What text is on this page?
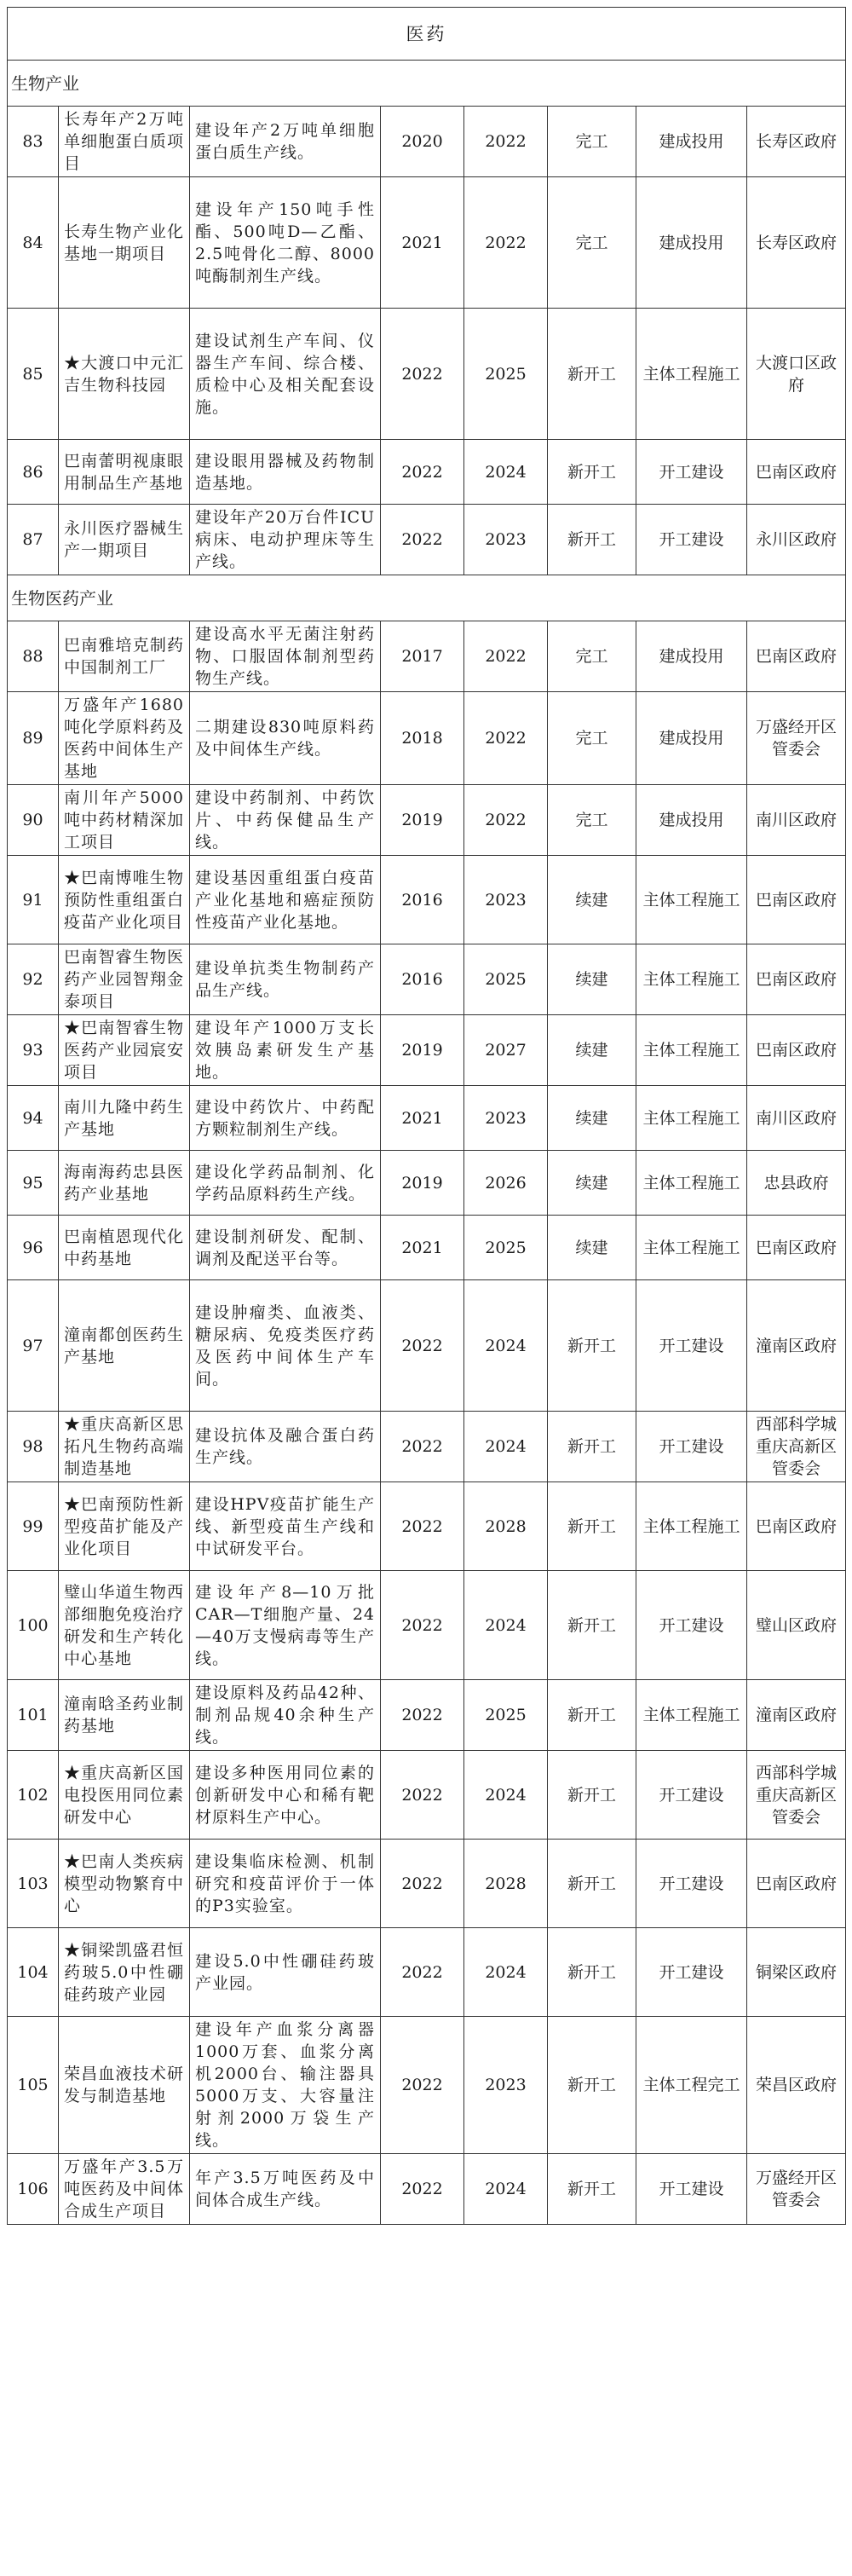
医药							
生物产业							
83	长寿年产2万吨单细胞蛋白质项目	建设年产2万吨单细胞蛋白质生产线。	2020	2022	完工	建成投用	长寿区政府
84	长寿生物产业化基地一期项目	建设年产150吨手性酯、500吨D—乙酯、2.5吨骨化二醇、8000吨酶制剂生产线。	2021	2022	完工	建成投用	长寿区政府
85	★大渡口中元汇吉生物科技园	建设试剂生产车间、仪器生产车间、综合楼、质检中心及相关配套设施。	2022	2025	新开工	主体工程施工	大渡口区政府
86	巴南蕾明视康眼用制品生产基地	建设眼用器械及药物制造基地。	2022	2024	新开工	开工建设	巴南区政府
87	永川医疗器械生产一期项目	建设年产20万台件ICU病床、电动护理床等生产线。	2022	2023	新开工	开工建设	永川区政府
生物医药产业							
88	巴南雅培克制药中国制剂工厂	建设高水平无菌注射药物、口服固体制剂型药物生产线。	2017	2022	完工	建成投用	巴南区政府
89	万盛年产1680吨化学原料药及医药中间体生产基地	二期建设830吨原料药及中间体生产线。	2018	2022	完工	建成投用	万盛经开区管委会
90	南川年产5000吨中药材精深加工项目	建设中药制剂、中药饮片、中药保健品生产线。	2019	2022	完工	建成投用	南川区政府
91	★巴南博唯生物预防性重组蛋白疫苗产业化项目	建设基因重组蛋白疫苗产业化基地和癌症预防性疫苗产业化基地。	2016	2023	续建	主体工程施工	巴南区政府
92	巴南智睿生物医药产业园智翔金泰项目	建设单抗类生物制药产品生产线。	2016	2025	续建	主体工程施工	巴南区政府
93	★巴南智睿生物医药产业园宸安项目	建设年产1000万支长效胰岛素研发生产基地。	2019	2027	续建	主体工程施工	巴南区政府
94	南川九隆中药生产基地	建设中药饮片、中药配方颗粒制剂生产线。	2021	2023	续建	主体工程施工	南川区政府
95	海南海药忠县医药产业基地	建设化学药品制剂、化学药品原料药生产线。	2019	2026	续建	主体工程施工	忠县政府
96	巴南植恩现代化中药基地	建设制剂研发、配制、调剂及配送平台等。	2021	2025	续建	主体工程施工	巴南区政府
97	潼南都创医药生产基地	建设肿瘤类、血液类、糖尿病、免疫类医疗药及医药中间体生产车间。	2022	2024	新开工	开工建设	潼南区政府
98	★重庆高新区思拓凡生物药高端制造基地	建设抗体及融合蛋白药生产线。	2022	2024	新开工	开工建设	西部科学城重庆高新区管委会
99	★巴南预防性新型疫苗扩能及产业化项目	建设HPV疫苗扩能生产线、新型疫苗生产线和中试研发平台。	2022	2028	新开工	主体工程施工	巴南区政府
100	璧山华道生物西部细胞免疫治疗研发和生产转化中心基地	建设年产8—10万批CAR—T细胞产量、24—40万支慢病毒等生产线。	2022	2024	新开工	开工建设	璧山区政府
101	潼南晗圣药业制药基地	建设原料及药品42种、制剂品规40余种生产线。	2022	2025	新开工	主体工程施工	潼南区政府
102	★重庆高新区国电投医用同位素研发中心	建设多种医用同位素的创新研发中心和稀有靶材原料生产中心。	2022	2024	新开工	开工建设	西部科学城重庆高新区管委会
103	★巴南人类疾病模型动物繁育中心	建设集临床检测、机制研究和疫苗评价于一体的P3实验室。	2022	2028	新开工	开工建设	巴南区政府
104	★铜梁凯盛君恒药玻5.0中性硼硅药玻产业园	建设5.0中性硼硅药玻产业园。	2022	2024	新开工	开工建设	铜梁区政府
105	荣昌血液技术研发与制造基地	建设年产血浆分离器1000万套、血浆分离机2000台、输注器具5000万支、大容量注射剂2000万袋生产线。	2022	2023	新开工	主体工程完工	荣昌区政府
106	万盛年产3.5万吨医药及中间体合成生产项目	年产3.5万吨医药及中间体合成生产线。	2022	2024	新开工	开工建设	万盛经开区管委会
